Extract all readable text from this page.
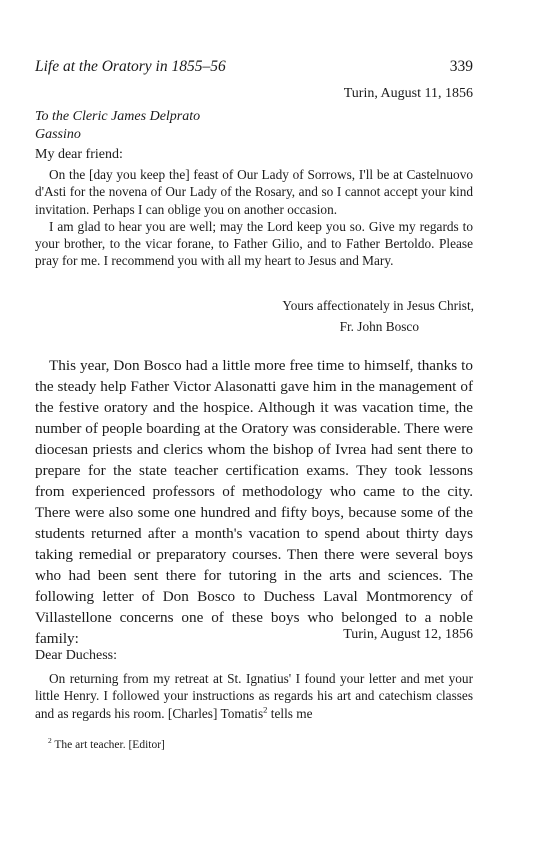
Life at the Oratory in 1855–56	339
Turin, August 11, 1856
To the Cleric James Delprato
Gassino
My dear friend:

On the [day you keep the] feast of Our Lady of Sorrows, I'll be at Castelnuovo d'Asti for the novena of Our Lady of the Rosary, and so I cannot accept your kind invitation. Perhaps I can oblige you on another occasion.

I am glad to hear you are well; may the Lord keep you so. Give my regards to your brother, to the vicar forane, to Father Gilio, and to Father Bertoldo. Please pray for me. I recommend you with all my heart to Jesus and Mary.

Yours affectionately in Jesus Christ,
Fr. John Bosco

This year, Don Bosco had a little more free time to himself, thanks to the steady help Father Victor Alasonatti gave him in the management of the festive oratory and the hospice. Although it was vacation time, the number of people boarding at the Oratory was considerable. There were diocesan priests and clerics whom the bishop of Ivrea had sent there to prepare for the state teacher certification exams. They took lessons from experienced professors of methodology who came to the city. There were also some one hundred and fifty boys, because some of the students returned after a month's vacation to spend about thirty days taking remedial or preparatory courses. Then there were several boys who had been sent there for tutoring in the arts and sciences. The following letter of Don Bosco to Duchess Laval Montmorency of Villastellone concerns one of these boys who belonged to a noble family:	Turin, August 12, 1856
Dear Duchess:

On returning from my retreat at St. Ignatius' I found your letter and met your little Henry. I followed your instructions as regards his art and catechism classes and as regards his room. [Charles] Tomatis$^2$ tells me

$^2$ The art teacher. [Editor]
